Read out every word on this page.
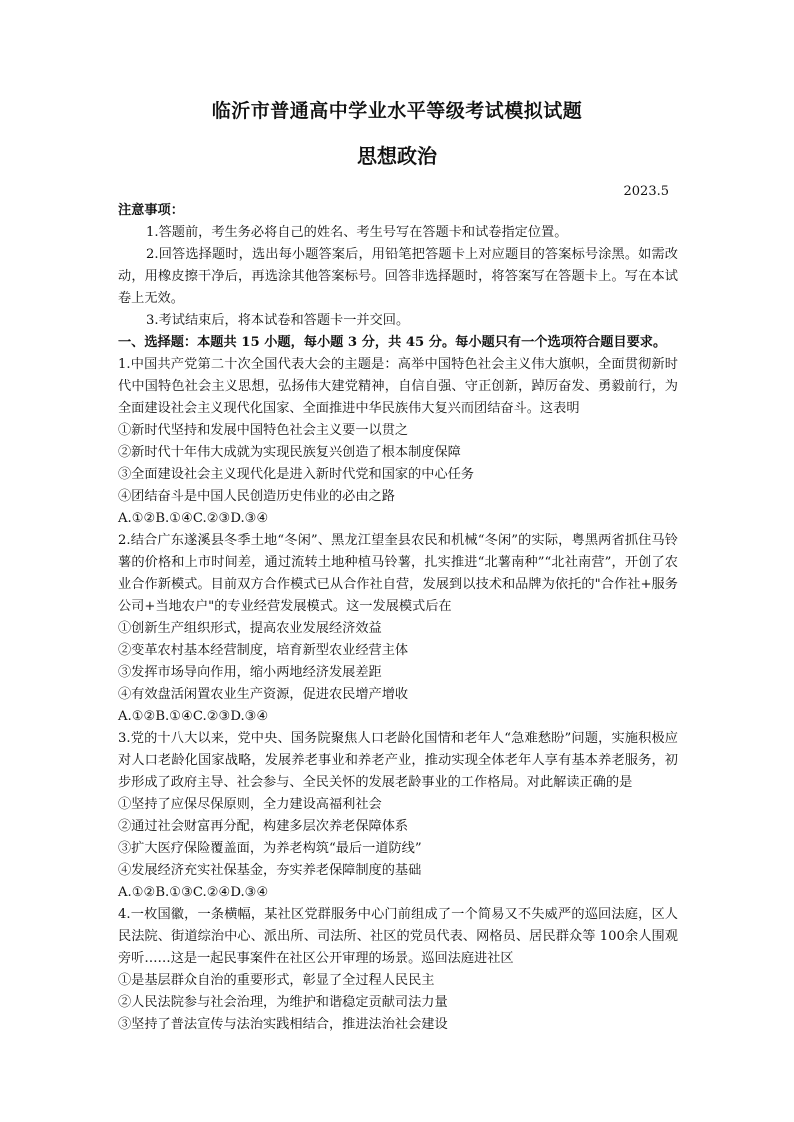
临沂市普通高中学业水平等级考试模拟试题
思想政治
2023.5
注意事项：
1.答题前，考生务必将自己的姓名、考生号写在答题卡和试卷指定位置。
2.回答选择题时，选出每小题答案后，用铅笔把答题卡上对应题目的答案标号涂黑。如需改动，用橡皮擦干净后，再选涂其他答案标号。回答非选择题时，将答案写在答题卡上。写在本试卷上无效。
3.考试结束后，将本试卷和答题卡一并交回。
一、选择题：本题共 15 小题，每小题 3 分，共 45 分。每小题只有一个选项符合题目要求。
1.中国共产党第二十次全国代表大会的主题是：高举中国特色社会主义伟大旗帜，全面贯彻新时代中国特色社会主义思想，弘扬伟大建党精神，自信自强、守正创新，踔厉奋发、勇毅前行，为全面建设社会主义现代化国家、全面推进中华民族伟大复兴而团结奋斗。这表明
①新时代坚持和发展中国特色社会主义要一以贯之
②新时代十年伟大成就为实现民族复兴创造了根本制度保障
③全面建设社会主义现代化是进入新时代党和国家的中心任务
④团结奋斗是中国人民创造历史伟业的必由之路
A.①②B.①④C.②③D.③④
2.结合广东遂溪县冬季土地“冬闲”、黑龙江望奎县农民和机械“冬闲”的实际，粤黑两省抓住马铃薯的价格和上市时间差，通过流转土地种植马铃薯，扎实推进“北薯南种”“北社南营”，开创了农业合作新模式。目前双方合作模式已从合作社自营，发展到以技术和品牌为依托的"合作社+服务公司+当地农户"的专业经营发展模式。这一发展模式后在
①创新生产组织形式，提高农业发展经济效益
②变革农村基本经营制度，培育新型农业经营主体
③发挥市场导向作用，缩小两地经济发展差距
④有效盘活闲置农业生产资源，促进农民增产增收
A.①②B.①④C.②③D.③④
3.党的十八大以来，党中央、国务院聚焦人口老龄化国情和老年人“急难愁盼”问题，实施积极应对人口老龄化国家战略，发展养老事业和养老产业，推动实现全体老年人享有基本养老服务，初步形成了政府主导、社会参与、全民关怀的发展老龄事业的工作格局。对此解读正确的是
①坚持了应保尽保原则，全力建设高福利社会
②通过社会财富再分配，构建多层次养老保障体系
③扩大医疗保险覆盖面，为养老构筑“最后一道防线”
④发展经济充实社保基金，夯实养老保障制度的基础
A.①②B.①③C.②④D.③④
4.一枚国徽，一条横幅，某社区党群服务中心门前组成了一个简易又不失威严的巡回法庭，区人民法院、街道综治中心、派出所、司法所、社区的党员代表、网格员、居民群众等 100余人围观旁听……这是一起民事案件在社区公开审理的场景。巡回法庭进社区
①是基层群众自治的重要形式，彰显了全过程人民民主
②人民法院参与社会治理，为维护和谐稳定贡献司法力量
③坚持了普法宣传与法治实践相结合，推进法治社会建设
